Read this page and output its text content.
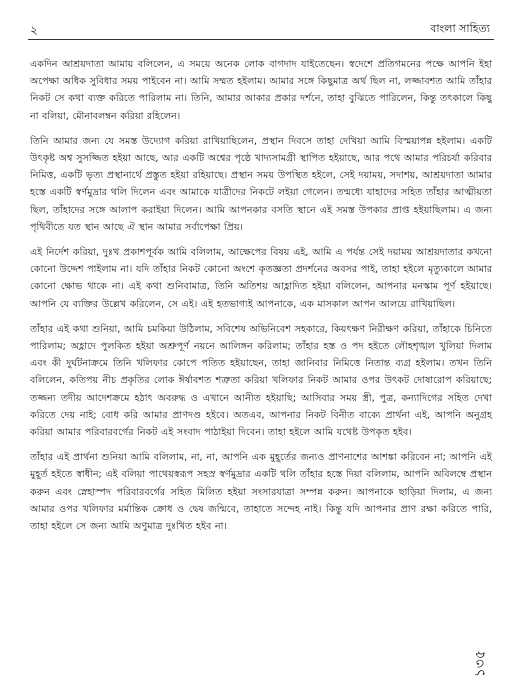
২	বাংলা সাহিত্য

একদিন আশ্রয়দাতা আমায় বলিলেন, এ সময়ে অনেক লোক বাগদাদ যাইতেছেন। স্বদেশে প্রতিগমনের পক্ষে আপনি ইহা অপেক্ষা অধিক সুবিধার সময় পাইবেন না। আমি সম্মত হইলাম। আমার সঙ্গে কিছুমাত্র অর্থ ছিল না, লজ্জাবশত আমি তাঁহার নিকট সে কথা ব্যক্ত করিতে পারিলাম না। তিনি, আমার আকার প্রকার দর্শনে, তাহা বুঝিতে পারিলেন, কিন্তু তৎকালে কিছু না বলিয়া, মৌনাবলম্বন করিয়া রহিলেন।

তিনি আমার জন্য যে সমস্ত উদ্যোগ করিয়া রাখিয়াছিলেন, প্রস্থান দিবসে তাহা দেখিয়া আমি বিস্ময়াপন্ন হইলাম। একটি উৎকৃষ্ট অশ্ব সুসজ্জিত হইয়া আছে, আর একটি অশ্বের পৃষ্ঠে খাদ্যসামগ্রী স্থাপিত হইয়াছে, আর পথে আমার পরিচর্যা করিবার নিমিত্ত, একটি ভৃত্য প্রস্থানার্থে প্রস্তুত হইয়া রহিয়াছে। প্রস্থান সময় উপস্থিত হইলে, সেই দয়াময়, সদাশয়, আশ্রয়দাতা আমার হস্তে একটি স্বর্ণমুদ্রার থলি দিলেন এবং আমাকে যাত্রীদের নিকটে লইয়া গেলেন। তন্মধ্যে যাহাদের সহিত তাঁহার আত্মীয়তা ছিল, তাঁহাদের সঙ্গে আলাপ করাইয়া দিলেন। আমি আপনকার বসতি স্থানে এই সমস্ত উপকার প্রাপ্ত হইয়াছিলাম। এ জন্য পৃথিবীতে যত স্থান আছে ঐ স্থান আমার সর্বাপেক্ষা প্রিয়।

এই নির্দেশ করিয়া, দুঃখ প্রকাশপূর্বক আমি বলিলাম, আক্ষেপের বিষয় এই, আমি এ পর্যন্ত সেই দয়াময় আশ্রয়দাতার কখনো কোনো উদ্দেশ পাইলাম না। যদি তাঁহার নিকট কোনো অংশে কৃতজ্ঞতা প্রদর্শনের অবসর পাই, তাহা হইলে মৃত্যুকালে আমার কোনো ক্ষোভ থাকে না। এই কথা শুনিবামাত্র, তিনি অতিশয় আহ্লাদিত হইয়া বলিলেন, আপনার মনস্কাম পূর্ণ হইয়াছে। আপনি যে ব্যক্তির উল্লেখ করিলেন, সে এই। এই হতভাগ্যই আপনাকে, এক মাসকাল আপন আলয়ে রাখিয়াছিল।

তাঁহার এই কথা শুনিয়া, আমি চমকিয়া উঠিলাম, সবিশেষ অভিনিবেশ সহকারে, কিয়ৎক্ষণ নিরীক্ষণ করিয়া, তাঁহাকে চিনিতে পারিলাম; অহ্লাদে পুলকিত হইয়া অশ্রুপূর্ণ নয়নে আলিঙ্গন করিলাম; তাঁহার হস্ত ও পদ হইতে লৌহশৃঙ্খল খুলিয়া দিলাম এবং কী দুর্ঘটনাক্রমে তিনি খলিফার কোপে পতিত হইয়াছেন, তাহা জানিবার নিমিত্তে নিতান্ত ব্যগ্র হইলাম। তখন তিনি বলিলেন, কতিপয় নীচ প্রকৃতির লোক ঈর্ষাবশত শত্রুতা করিয়া খলিফার নিকট আমার ওপর উৎকট দোষারোপ করিয়াছে; তজ্জন্য তদীয় আদেশক্রমে হঠাৎ অবরুদ্ধ ও এখানে আনীত হইয়াছি; আসিবার সময় স্ত্রী, পুত্র, কন্যাদিগের সহিত দেখা করিতে দেয় নাই; বোধ করি আমার প্রাণদণ্ড হইবে। অতএব, আপনার নিকট বিনীত বাক্যে প্রার্থনা এই, আপনি অনুগ্রহ করিয়া আমার পরিবারবর্গের নিকট এই সংবাদ পাঠাইয়া দিবেন। তাহা হইলে আমি যথেষ্ট উপকৃত হইব।

তাঁহার এই প্রার্থনা শুনিয়া আমি বলিলাম, না, না, আপনি এক মুহূর্তের জন্যও প্রাণনাশের আশঙ্কা করিবেন না; আপনি এই মুহূর্ত হইতে স্বাধীন; এই বলিয়া পাথেয়স্বরূপ সহস্র স্বর্ণমুদ্রার একটি থলি তাঁহার হস্তে দিয়া বলিলাম, আপনি অবিলম্বে প্রস্থান করুন এবং স্নেহাস্পদ পরিবারবর্গের সহিত মিলিত হইয়া সংসারযাত্রা সম্পন্ন করুন। আপনাকে ছাড়িয়া দিলাম, এ জন্য আমার ওপর খলিফার মর্মান্তিক ক্রোধ ও দ্বেষ জন্মিবে, তাহাতে সন্দেহ নাই। কিন্তু যদি আপনার প্রাণ রক্ষা করিতে পারি, তাহা হইলে সে জন্য আমি অণুমাত্র দুঃখিত হইব না।

১৩৫
